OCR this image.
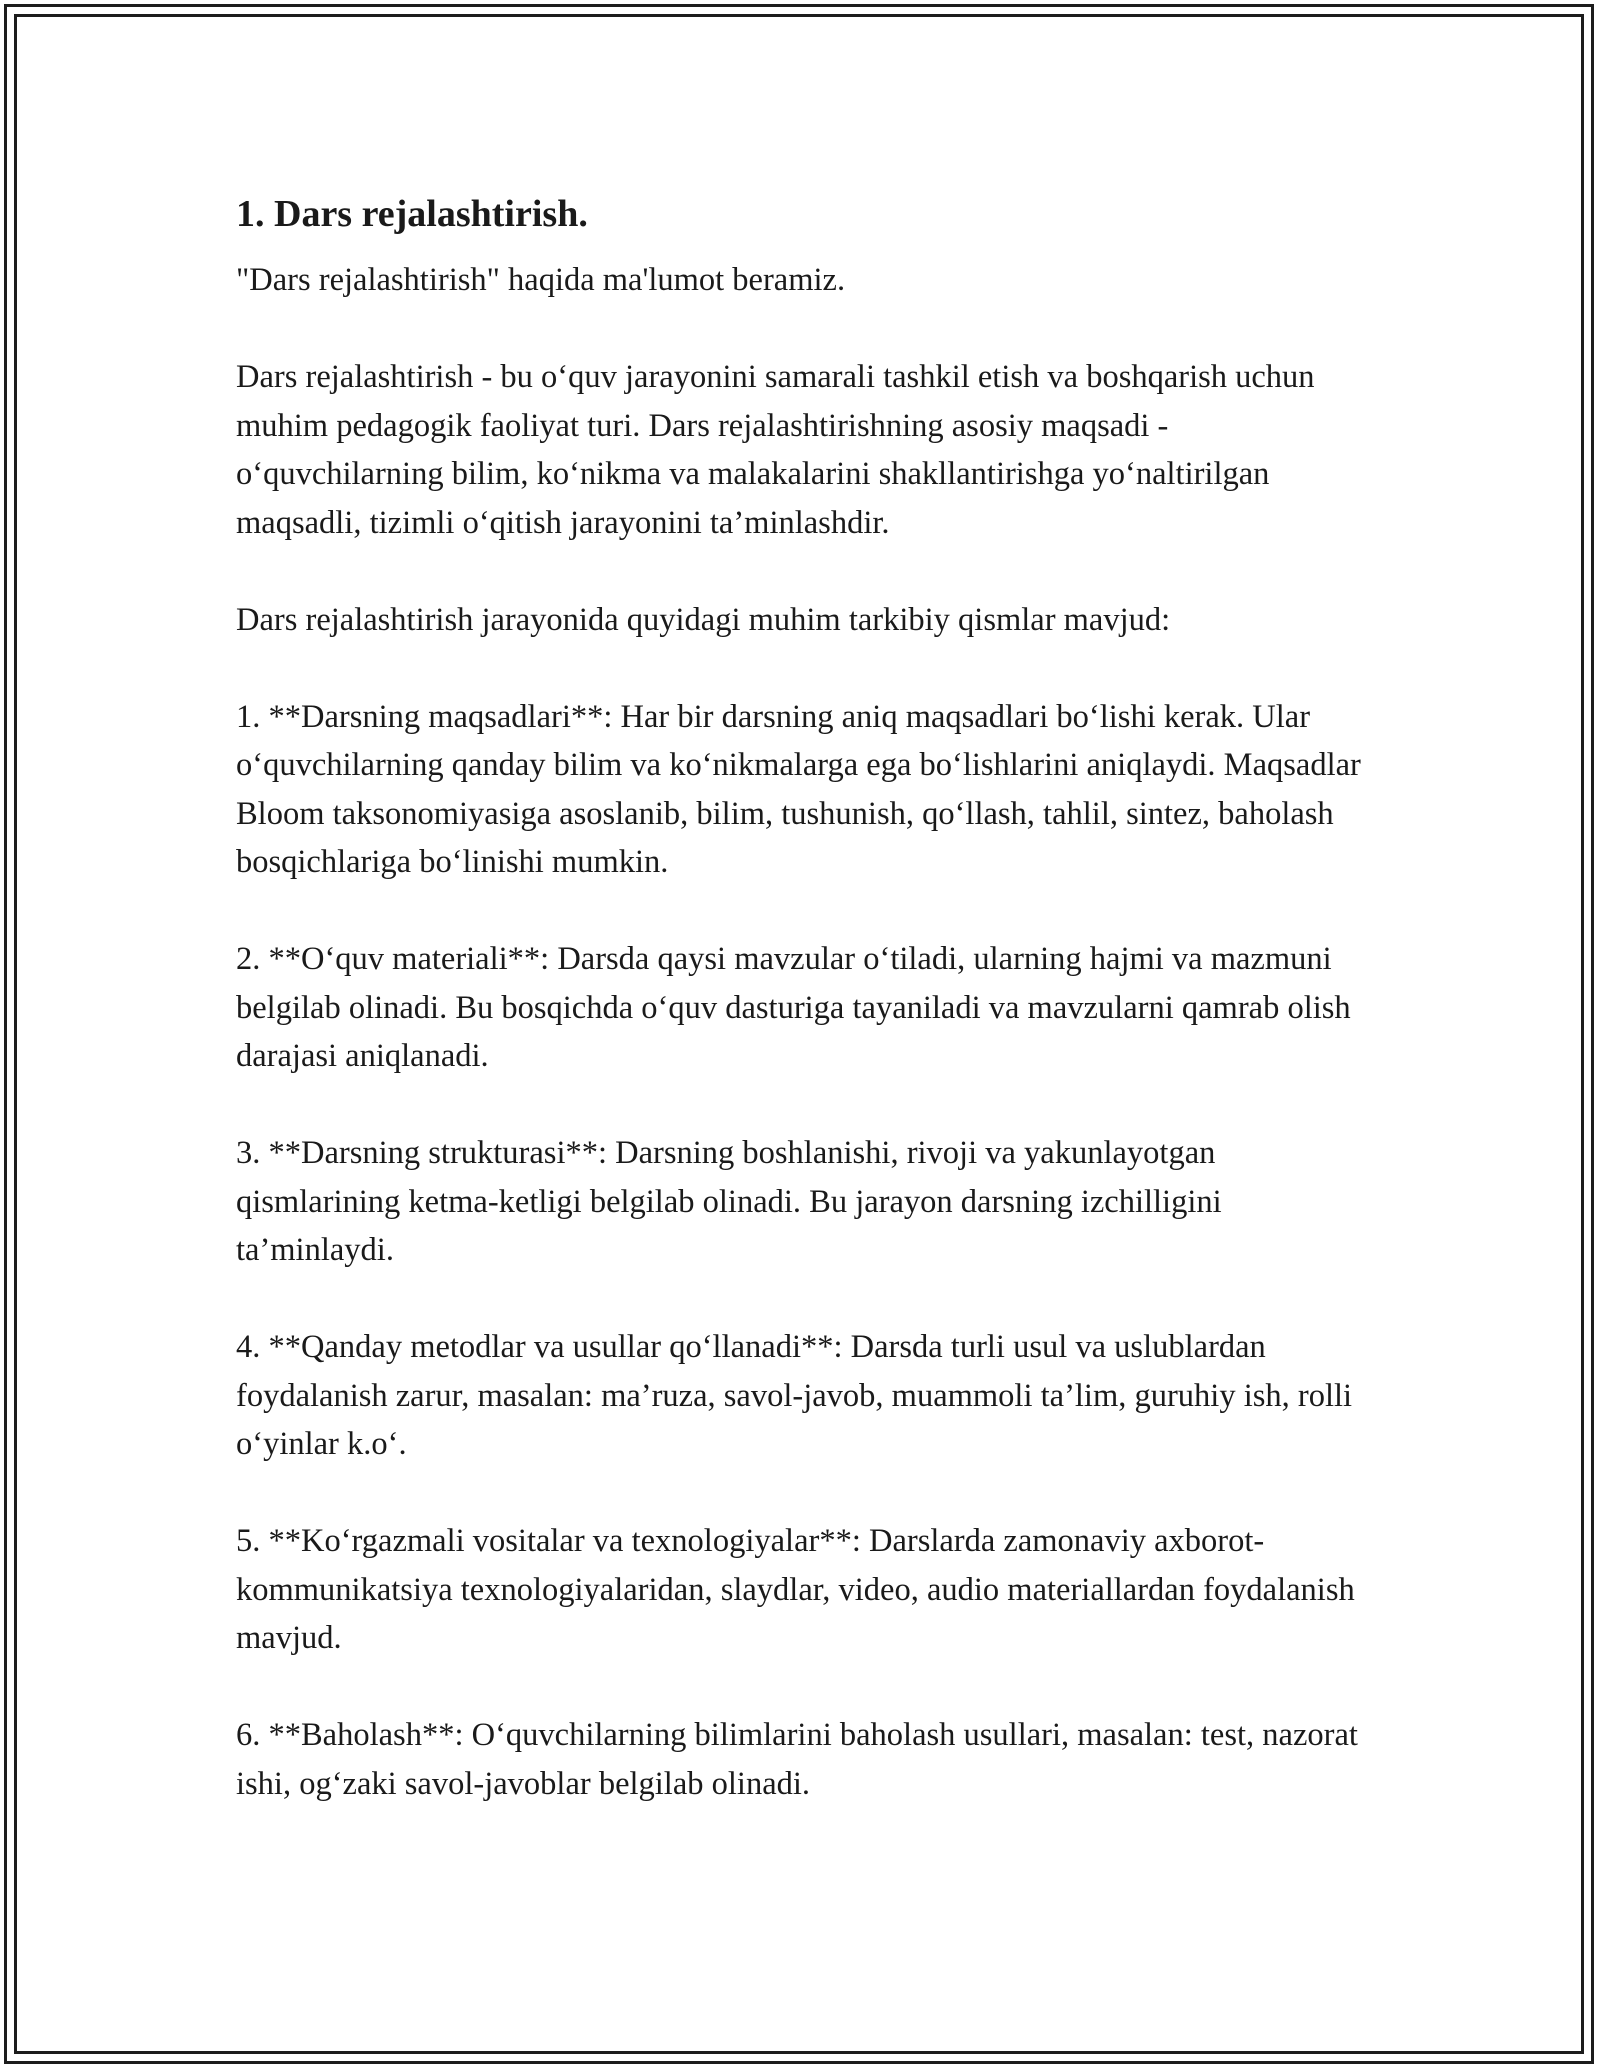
1. Dars rejalashtirish.

"Dars rejalashtirish" haqida ma'lumot beramiz.

Dars rejalashtirish - bu o‘quv jarayonini samarali tashkil etish va boshqarish uchun muhim pedagogik faoliyat turi. Dars rejalashtirishning asosiy maqsadi - o‘quvchilarning bilim, ko‘nikma va malakalarini shakllantirishga yo‘naltirilgan maqsadli, tizimli o‘qitish jarayonini ta’minlashdir.

Dars rejalashtirish jarayonida quyidagi muhim tarkibiy qismlar mavjud:

1. **Darsning maqsadlari**: Har bir darsning aniq maqsadlari bo‘lishi kerak. Ular o‘quvchilarning qanday bilim va ko‘nikmalarga ega bo‘lishlarini aniqlaydi. Maqsadlar Bloom taksonomiyasiga asoslanib, bilim, tushunish, qo‘llash, tahlil, sintez, baholash bosqichlariga bo‘linishi mumkin.

2. **O‘quv materiali**: Darsda qaysi mavzular o‘tiladi, ularning hajmi va mazmuni belgilab olinadi. Bu bosqichda o‘quv dasturiga tayaniladi va mavzularni qamrab olish darajasi aniqlanadi.

3. **Darsning strukturasi**: Darsning boshlanishi, rivoji va yakunlayotgan qismlarining ketma-ketligi belgilab olinadi. Bu jarayon darsning izchilligini ta’minlaydi.

4. **Qanday metodlar va usullar qo‘llanadi**: Darsda turli usul va uslublardan foydalanish zarur, masalan: ma’ruza, savol-javob, muammoli ta’lim, guruhiy ish, rolli o‘yinlar k.o‘.

5. **Ko‘rgazmali vositalar va texnologiyalar**: Darslarda zamonaviy axborot-kommunikatsiya texnologiyalaridan, slaydlar, video, audio materiallardan foydalanish mavjud.

6. **Baholash**: O‘quvchilarning bilimlarini baholash usullari, masalan: test, nazorat ishi, og‘zaki savol-javoblar belgilab olinadi.
